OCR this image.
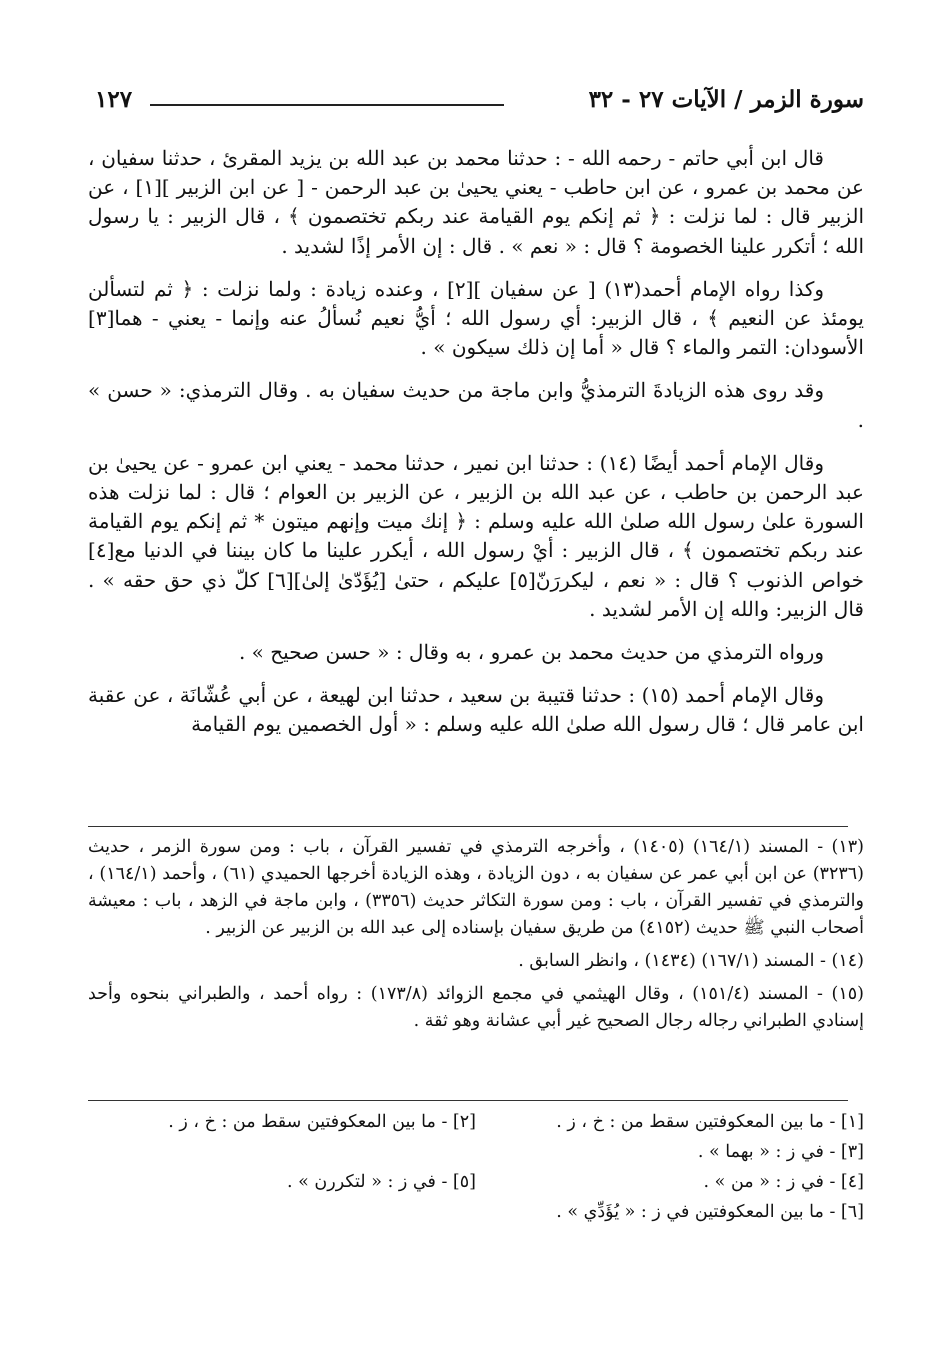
سورة الزمر / الآيات ٢٧ - ٣٢
١٢٧

قال ابن أبي حاتم - رحمه الله - : حدثنا محمد بن عبد الله بن يزيد المقرئ ، حدثنا سفيان ، عن محمد بن عمرو ، عن ابن حاطب - يعني يحيىٰ بن عبد الرحمن - [ عن ابن الزبير ][١] ، عن الزبير قال : لما نزلت : ﴿ ثم إنكم يوم القيامة عند ربكم تختصمون ﴾ ، قال الزبير : يا رسول الله ؛ أتكرر علينا الخصومة ؟ قال : « نعم » . قال : إن الأمر إذًا لشديد .

وكذا رواه الإمام أحمد(١٣) [ عن سفيان ][٢] ، وعنده زيادة : ولما نزلت : ﴿ ثم لتسألن يومئذ عن النعيم ﴾ ، قال الزبير: أي رسول الله ؛ أيُّ نعيم نُسألُ عنه وإنما - يعني - هما[٣] الأسودان: التمر والماء ؟ قال « أما إن ذلك سيكون » .

وقد روى هذه الزيادةَ الترمذيُّ وابن ماجة من حديث سفيان به . وقال الترمذي: « حسن » .

وقال الإمام أحمد أيضًا (١٤) : حدثنا ابن نمير ، حدثنا محمد - يعني ابن عمرو - عن يحيىٰ بن عبد الرحمن بن حاطب ، عن عبد الله بن الزبير ، عن الزبير بن العوام ؛ قال : لما نزلت هذه السورة علىٰ رسول الله صلىٰ الله عليه وسلم : ﴿ إنك ميت وإنهم ميتون * ثم إنكم يوم القيامة عند ربكم تختصمون ﴾ ، قال الزبير : أيْ رسول الله ، أيكرر علينا ما كان بيننا في الدنيا مع[٤] خواص الذنوب ؟ قال : « نعم ، ليكررَنّ[٥] عليكم ، حتىٰ [يُؤَدّىٰ إلىٰ][٦] كلّ ذي حق حقه » . قال الزبير: والله إن الأمر لشديد .

ورواه الترمذي من حديث محمد بن عمرو ، به وقال : « حسن صحيح » .

وقال الإمام أحمد (١٥) : حدثنا قتيبة بن سعيد ، حدثنا ابن لهيعة ، عن أبي عُشّانَة ، عن عقبة ابن عامر قال ؛ قال رسول الله صلىٰ الله عليه وسلم : « أول الخصمين يوم القيامة

(١٣) - المسند (١٦٤/١) (١٤٠٥) ، وأخرجه الترمذي في تفسير القرآن ، باب : ومن سورة الزمر ، حديث (٣٢٣٦) عن ابن أبي عمر عن سفيان به ، دون الزيادة ، وهذه الزيادة أخرجها الحميدي (٦١) ، وأحمد (١٦٤/١) ، والترمذي في تفسير القرآن ، باب : ومن سورة التكاثر حديث (٣٣٥٦) ، وابن ماجة في الزهد ، باب : معيشة أصحاب النبي ﷺ حديث (٤١٥٢) من طريق سفيان بإسناده إلى عبد الله بن الزبير عن الزبير .

(١٤) - المسند (١٦٧/١) (١٤٣٤) ، وانظر السابق .

(١٥) - المسند (١٥١/٤) ، وقال الهيثمي في مجمع الزوائد (١٧٣/٨) : رواه أحمد ، والطبراني بنحوه وأحد إسنادي الطبراني رجاله رجال الصحيح غير أبي عشانة وهو ثقة .

[١] - ما بين المعكوفتين سقط من : خ ، ز .
[٢] - ما بين المعكوفتين سقط من : خ ، ز .
[٣] - في ز : « بهما » .
[٤] - في ز : « من » .
[٥] - في ز : « لتكررن » .
[٦] - ما بين المعكوفتين في ز : « يُؤَدِّي » .
